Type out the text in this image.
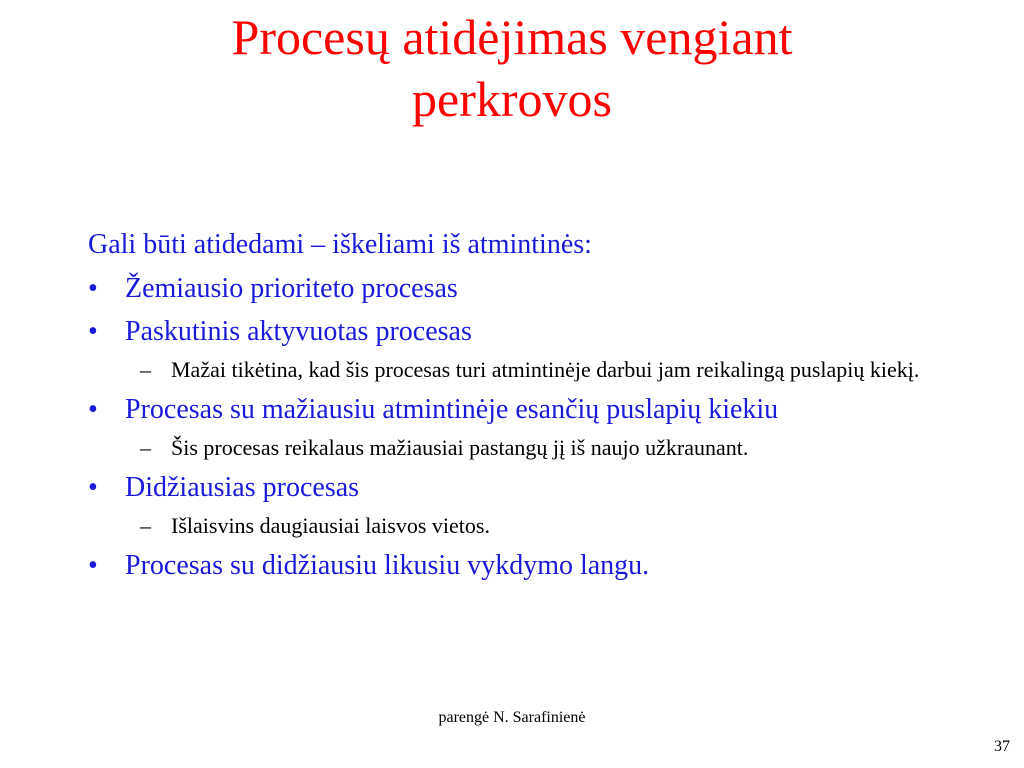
Procesų atidėjimas vengiant
perkrovos
Gali būti atidedami – iškeliami iš atmintinės:
• Žemiausio prioriteto procesas
• Paskutinis aktyvuotas procesas
– Mažai tikėtina, kad šis procesas turi atmintinėje darbui jam reikalingą puslapių kiekį.
• Procesas su mažiausiu atmintinėje esančių puslapių kiekiu
– Šis procesas reikalaus mažiausiai pastangų jį iš naujo užkraunant.
• Didžiausias procesas
– Išlaisvins daugiausiai laisvos vietos.
• Procesas su didžiausiu likusiu vykdymo langu.
parengė N. Sarafinienė
37
